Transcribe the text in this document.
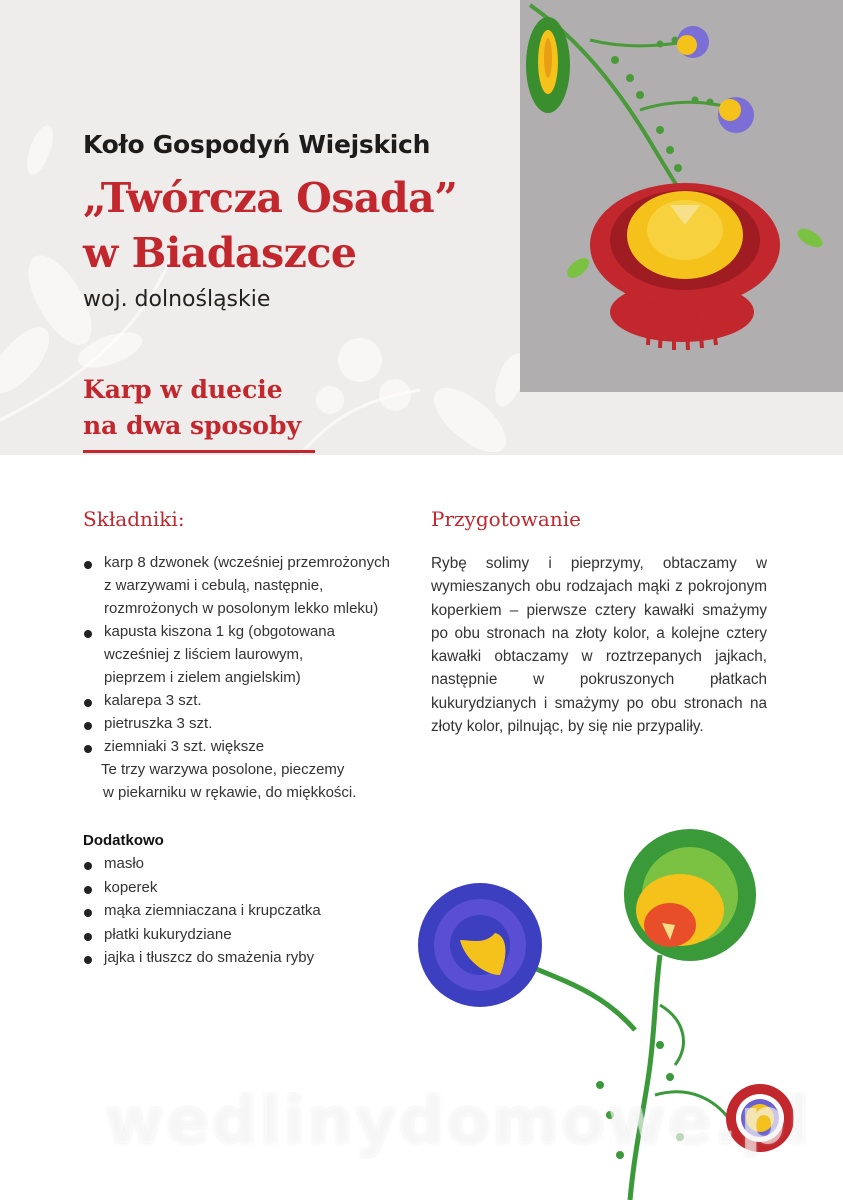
Koło Gospodyń Wiejskich
„Twórcza Osada”
w Biadaszce

woj. dolnośląskie

Karp w duecie
na dwa sposoby
Składniki:
karp 8 dzwonek (wcześniej przemrożonych
z warzywami i cebulą, następnie,
rozmrożonych w posolonym lekko mleku)
kapusta kiszona 1 kg (obgotowana
wcześniej z liściem laurowym,
pieprzem i zielem angielskim)
kalarepa 3 szt.
pietruszka 3 szt.
ziemniaki 3 szt. większe
Te trzy warzywa posolone, pieczemy
w piekarniku w rękawie, do miękkości.
Dodatkowo
masło
koperek
mąka ziemniaczana i krupczatka
płatki kukurydziane
jajka i tłuszcz do smażenia ryby
Przygotowanie

Rybę solimy i pieprzymy, obtaczamy w wymieszanych obu rodzajach mąki z pokrojonym koperkiem – pierwsze cztery kawałki smażymy po obu stronach na złoty kolor, a kolejne cztery kawałki obtaczamy w roztrzepanych jajkach, następnie w pokruszonych płatkach kukurydzianych i smażymy po obu stronach na złoty kolor, pilnując, by się nie przypaliły.

wedlinydomowe.pl
